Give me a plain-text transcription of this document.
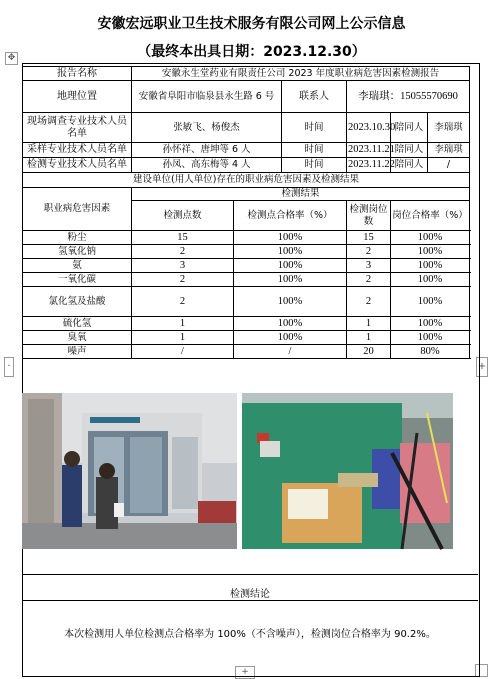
安徽宏远职业卫生技术服务有限公司网上公示信息
（最终本出具日期：2023.12.30）
✥
+
·
+
报告名称	安徽永生堂药业有限责任公司 2023 年度职业病危害因素检测报告					
地理位置	安徽省阜阳市临泉县永生路 6 号		联系人	李瑞琪：15055570690		
现场调查专业技术人员名单	张敏飞、杨俊杰		时间	2023.10.30	陪同人	李瑞琪
采样专业技术人员名单	孙怀祥、唐坤等 6 人		时间	2023.11.21	陪同人	李瑞琪
检测专业技术人员名单	孙凤、高东梅等 4 人		时间	2023.11.22	陪同人	/
建设单位(用人单位)存在的职业病危害因素及检测结果						
职业病危害因素	检测结果					
	检测点数	检测点合格率（%）		检测岗位数	岗位合格率（%）	
粉尘	15	100%		15	100%	
氢氧化钠	2	100%		2	100%	
氨	3	100%		3	100%	
一氧化碳	2	100%		2	100%	
氯化氢及盐酸	2	100%		2	100%	
硫化氢	1	100%		1	100%	
臭氧	1	100%		1	100%	
噪声	/	/		20	80%	
检测结论
本次检测用人单位检测点合格率为 100%（不含噪声），检测岗位合格率为 90.2%。
